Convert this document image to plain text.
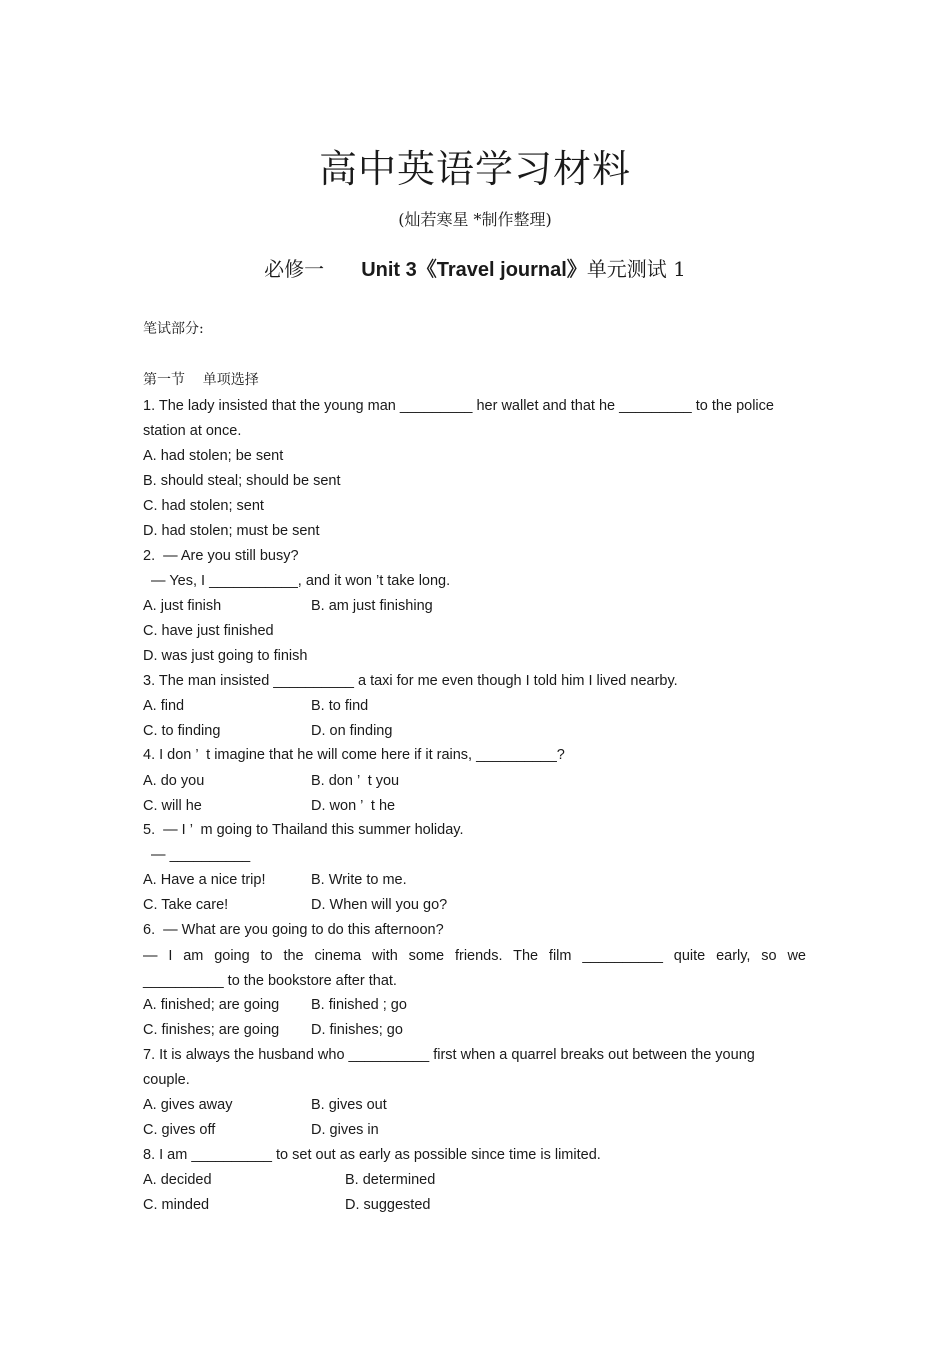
高中英语学习材料
(灿若寒星 *制作整理)
必修一 Unit 3《Travel journal》单元测试 1
笔试部分:
第一节    单项选择
1. The lady insisted that the young man _________ her wallet and that he _________ to the police
station at once.
A. had stolen; be sent
B. should steal; should be sent
C. had stolen; sent
D. had stolen; must be sent
2.  — Are you still busy?
— Yes, I ___________, and it won ’t take long.
A. just finish	B. am just finishing
C. have just finished
D. was just going to finish
3. The man insisted __________ a taxi for me even though I told him I lived nearby.
A. find	B. to find
C. to finding	D. on finding
4. I don ’  t imagine that he will come here if it rains, __________?
A. do you	B. don ’  t you
C. will he	D. won ’  t he
5.  — I ’  m going to Thailand this summer holiday.
— __________
A. Have a nice trip!	B. Write to me.
C. Take care!	D. When will you go?
6.  — What are you going to do this afternoon?
— I am going to the cinema with some friends. The film __________ quite early, so we
__________ to the bookstore after that.
A. finished; are going B. finished ; go
C. finishes; are going D. finishes; go
7. It is always the husband who __________ first when a quarrel breaks out between the young
couple.
A. gives away	B. gives out
C. gives off	D. gives in
8. I am __________ to set out as early as possible since time is limited.
A. decided	B. determined
C. minded	D. suggested
